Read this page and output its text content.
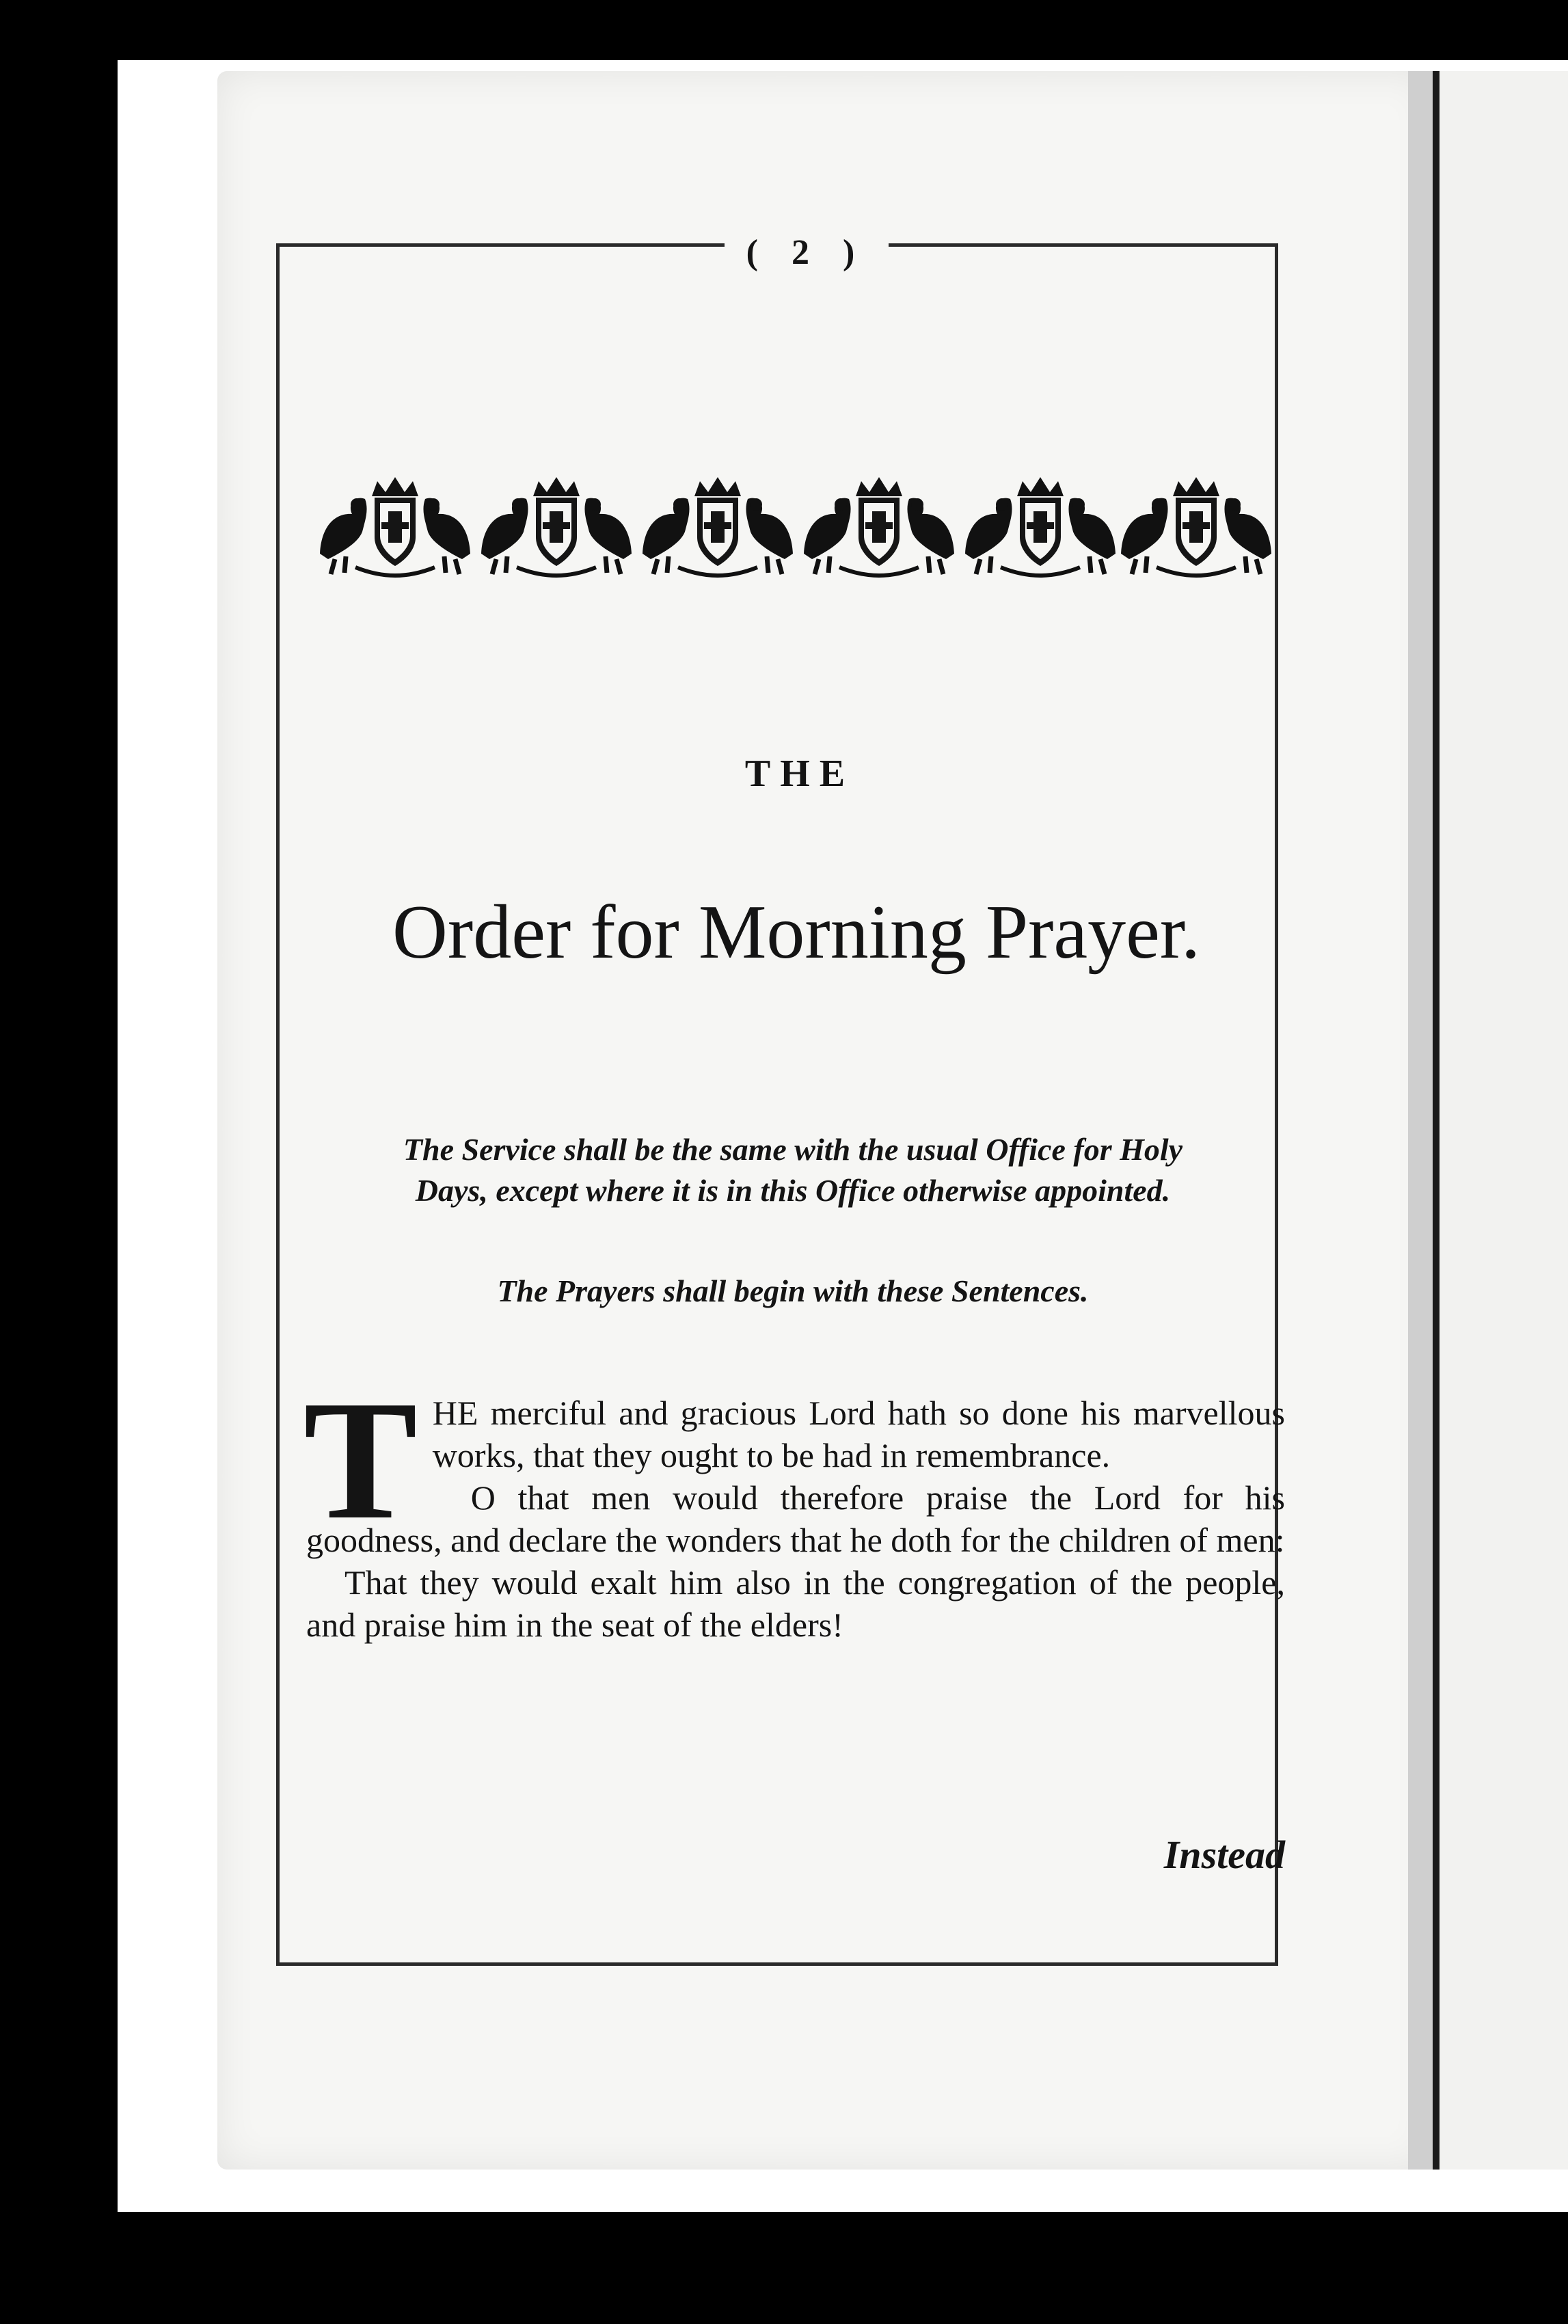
( 2 )
THE
Order for Morning Prayer.
The Service shall be the same with the usual Office for Holy
Days, except where it is in this Office otherwise appointed.
The Prayers shall begin with these Sentences.

THE merciful and gracious Lord hath so done his marvellous works, that they ought to be had in remembrance.

O that men would therefore praise the Lord for his goodness, and declare the wonders that he doth for the children of men:

That they would exalt him also in the congregation of the people, and praise him in the seat of the elders!

Instead
